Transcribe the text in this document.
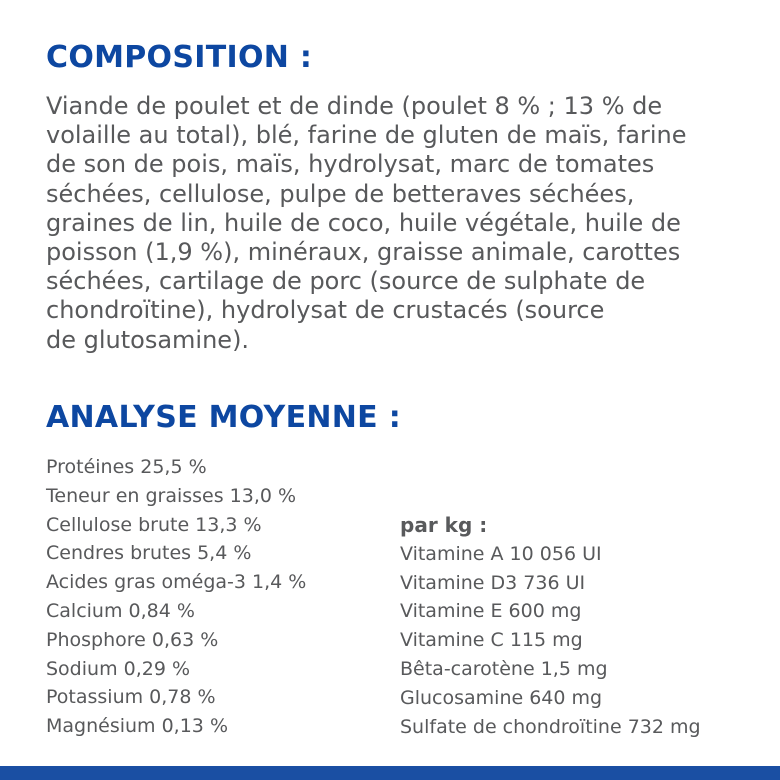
COMPOSITION :

Viande de poulet et de dinde (poulet 8 % ; 13 % de
volaille au total), blé, farine de gluten de maïs, farine
de son de pois, maïs, hydrolysat, marc de tomates
séchées, cellulose, pulpe de betteraves séchées,
graines de lin, huile de coco, huile végétale, huile de
poisson (1,9 %), minéraux, graisse animale, carottes
séchées, cartilage de porc (source de sulphate de
chondroïtine), hydrolysat de crustacés (source
de glutosamine).

ANALYSE MOYENNE :
Protéines 25,5 %
Teneur en graisses 13,0 %
Cellulose brute 13,3 %
Cendres brutes 5,4 %
Acides gras oméga-3 1,4 %
Calcium 0,84 %
Phosphore 0,63 %
Sodium 0,29 %
Potassium 0,78 %
Magnésium 0,13 %
par kg :
Vitamine A 10 056 UI
Vitamine D3 736 UI
Vitamine E 600 mg
Vitamine C 115 mg
Bêta-carotène 1,5 mg
Glucosamine 640 mg
Sulfate de chondroïtine 732 mg
